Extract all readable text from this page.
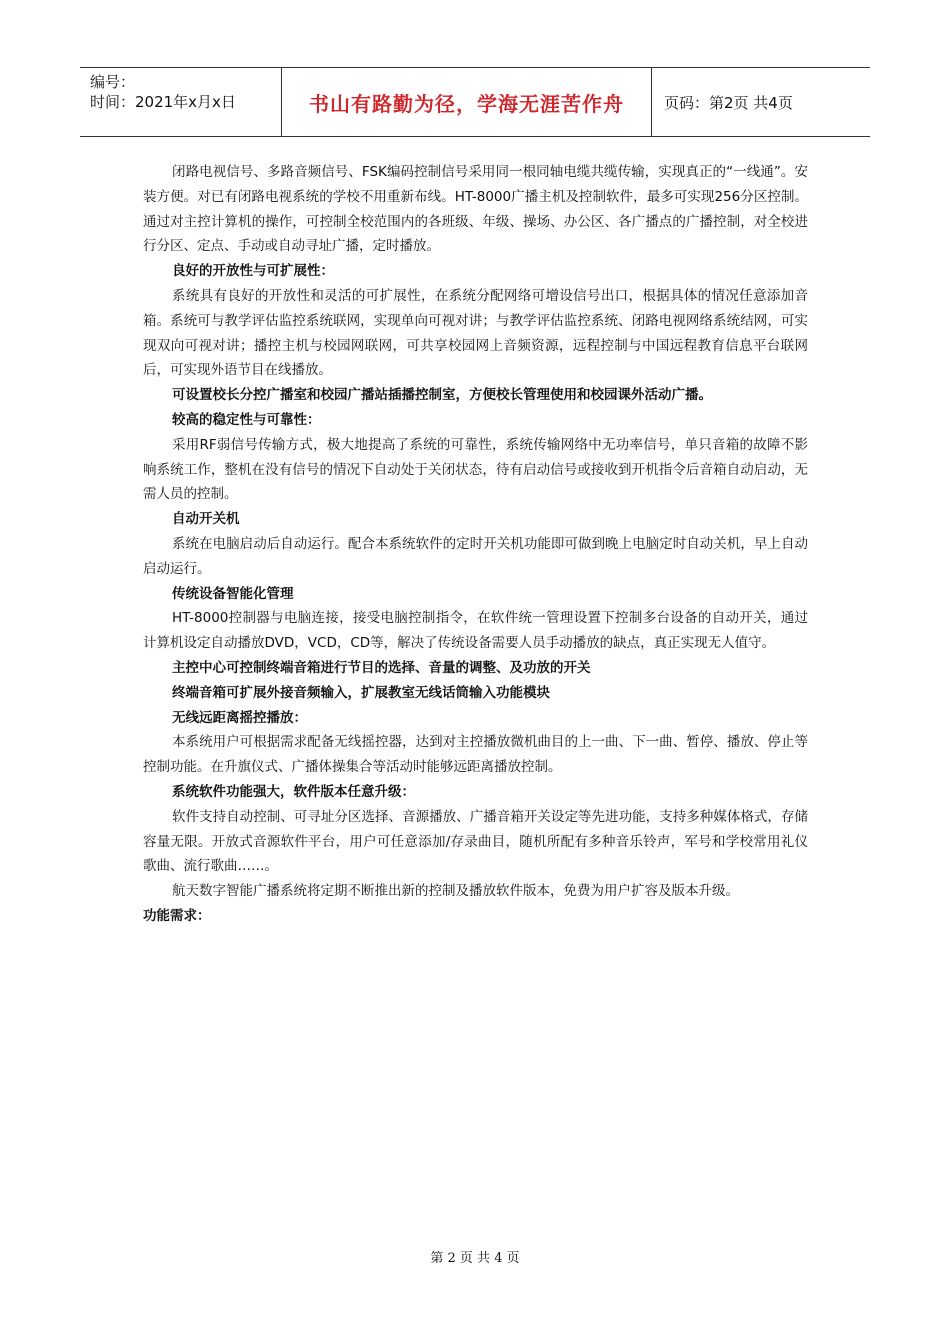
编号：
时间：2021年x月x日	书山有路勤为径，学海无涯苦作舟	页码：第2页 共4页

闭路电视信号、多路音频信号、FSK编码控制信号采用同一根同轴电缆共缆传输，实现真正的“一线通”。安装方便。对已有闭路电视系统的学校不用重新布线。HT-8000广播主机及控制软件，最多可实现256分区控制。通过对主控计算机的操作，可控制全校范围内的各班级、年级、操场、办公区、各广播点的广播控制，对全校进行分区、定点、手动或自动寻址广播，定时播放。

良好的开放性与可扩展性：

系统具有良好的开放性和灵活的可扩展性，在系统分配网络可增设信号出口，根据具体的情况任意添加音箱。系统可与教学评估监控系统联网，实现单向可视对讲；与教学评估监控系统、闭路电视网络系统结网，可实现双向可视对讲；播控主机与校园网联网，可共享校园网上音频资源，远程控制与中国远程教育信息平台联网后，可实现外语节目在线播放。

可设置校长分控广播室和校园广播站插播控制室，方便校长管理使用和校园课外活动广播。

较高的稳定性与可靠性：

采用RF弱信号传输方式，极大地提高了系统的可靠性，系统传输网络中无功率信号，单只音箱的故障不影响系统工作，整机在没有信号的情况下自动处于关闭状态，待有启动信号或接收到开机指令后音箱自动启动，无需人员的控制。

自动开关机

系统在电脑启动后自动运行。配合本系统软件的定时开关机功能即可做到晚上电脑定时自动关机，早上自动启动运行。

传统设备智能化管理

HT-8000控制器与电脑连接，接受电脑控制指令，在软件统一管理设置下控制多台设备的自动开关，通过计算机设定自动播放DVD，VCD，CD等，解决了传统设备需要人员手动播放的缺点，真正实现无人值守。

主控中心可控制终端音箱进行节目的选择、音量的调整、及功放的开关

终端音箱可扩展外接音频输入，扩展教室无线话筒输入功能模块

无线远距离摇控播放：

本系统用户可根据需求配备无线摇控器，达到对主控播放微机曲目的上一曲、下一曲、暂停、播放、停止等控制功能。在升旗仪式、广播体操集合等活动时能够远距离播放控制。

系统软件功能强大，软件版本任意升级：

软件支持自动控制、可寻址分区选择、音源播放、广播音箱开关设定等先进功能，支持多种媒体格式，存储容量无限。开放式音源软件平台，用户可任意添加/存录曲目，随机所配有多种音乐铃声，军号和学校常用礼仪歌曲、流行歌曲……。

航天数字智能广播系统将定期不断推出新的控制及播放软件版本，免费为用户扩容及版本升级。

功能需求：

第 2 页 共 4 页
